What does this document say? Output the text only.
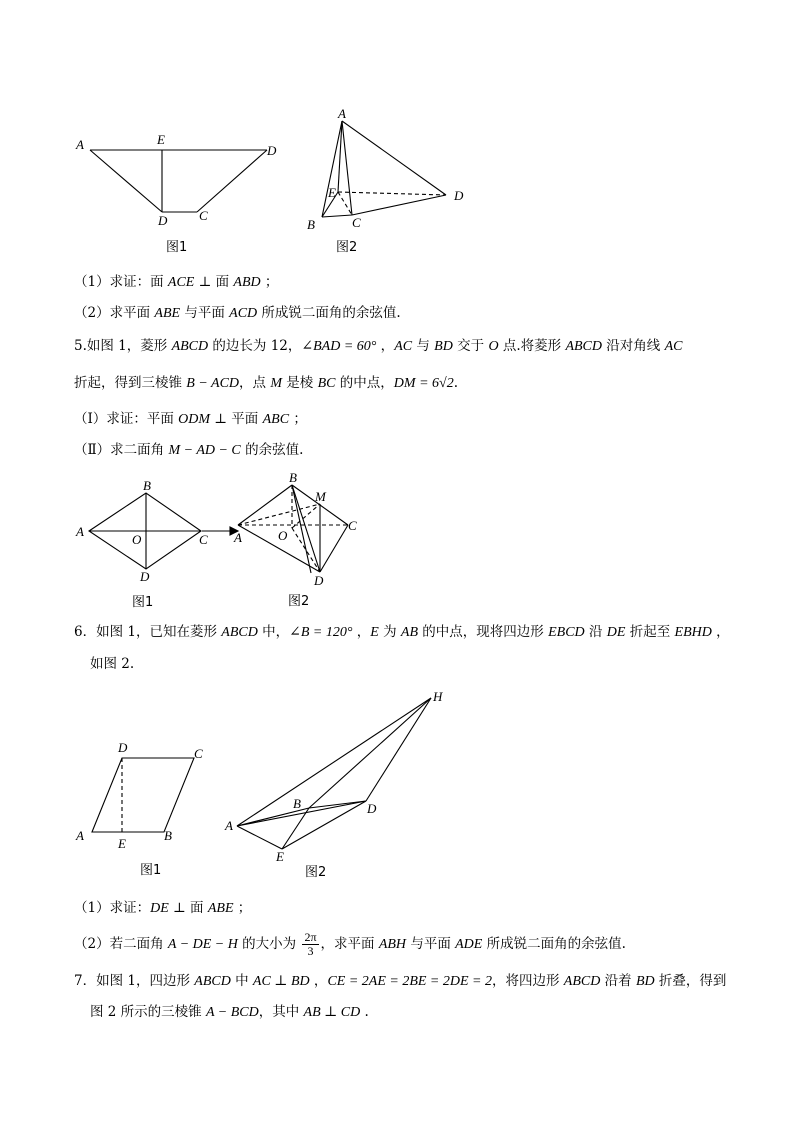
A	E
D
D C
图1
A
E
B	C
D
图2
（1）求证：面 ACE ⊥ 面 ABD ；
（2）求平面 ABE 与平面 ACD 所成锐二面角的余弦值.
5.如图 1，菱形 ABCD 的边长为 12，∠BAD = 60° ，AC 与 BD 交于 O 点.将菱形 ABCD 沿对角线 AC
折起，得到三棱锥 B − ACD，点 M 是棱 BC 的中点，DM = 6√2.
（Ⅰ）求证：平面 ODM ⊥ 平面 ABC ；
（Ⅱ）求二面角 M − AD − C 的余弦值.
A
B
C
D
O
图1
A
B
C
D
O
M
图2
6．如图 1，已知在菱形 ABCD 中，∠B = 120° ，E 为 AB 的中点，现将四边形 EBCD 沿 DE 折起至 EBHD ，
如图 2.
D	C
A
E
B
图1
H
B	D
A
E
图2
（1）求证：DE ⊥ 面 ABE ；
（2）若二面角 A − DE − H 的大小为 $\frac{2\pi}{3}$ ，求平面 ABH 与平面 ADE 所成锐二面角的余弦值.
7．如图 1，四边形 ABCD 中 AC ⊥ BD ，CE = 2AE = 2BE = 2DE = 2，将四边形 ABCD 沿着 BD 折叠，得到
图 2 所示的三棱锥 A − BCD，其中 AB ⊥ CD .
